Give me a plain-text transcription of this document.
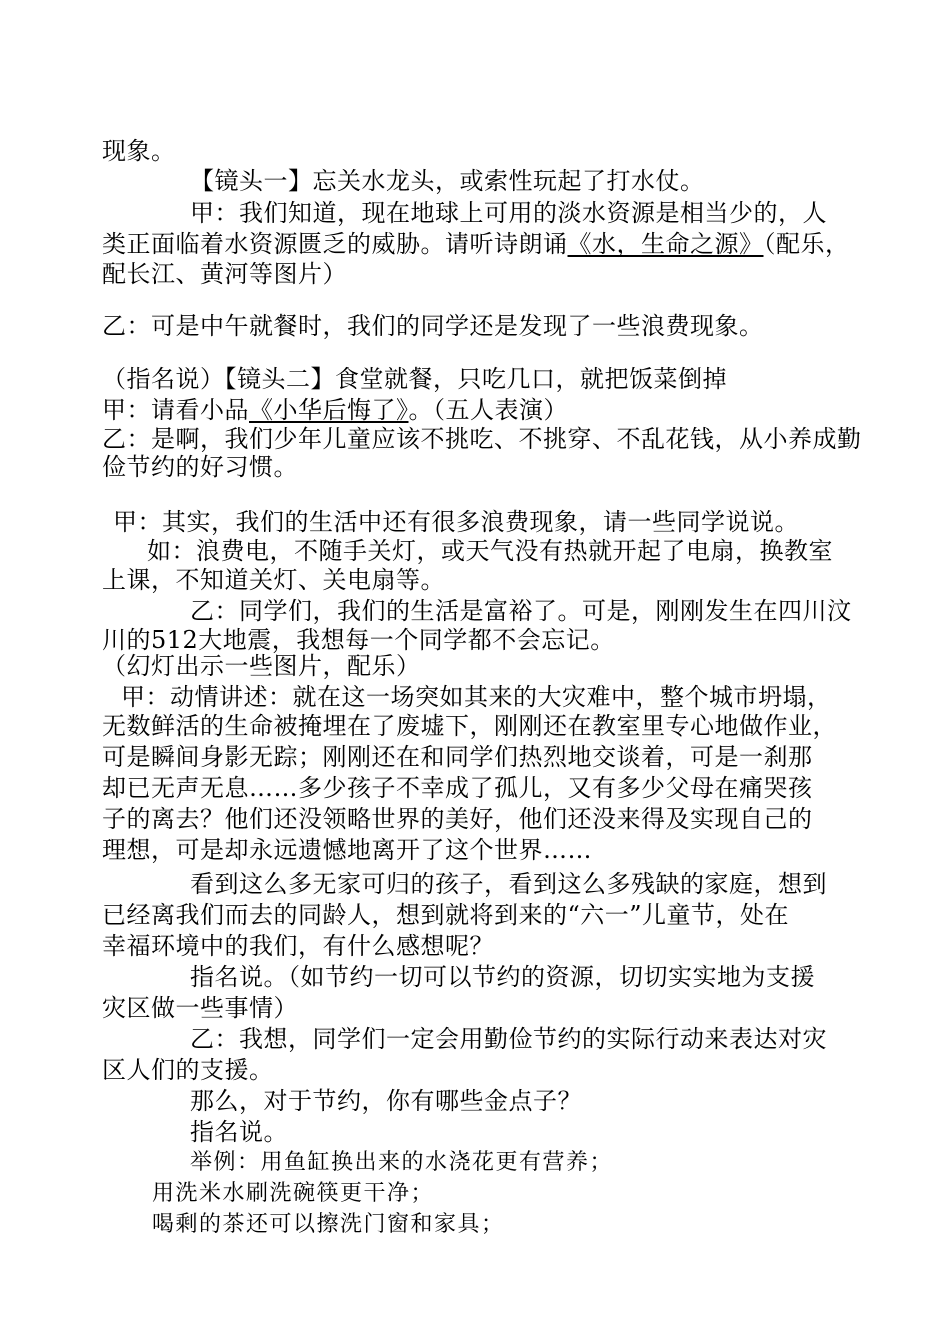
现象。
【镜头一】忘关水龙头，或索性玩起了打水仗。
甲：我们知道，现在地球上可用的淡水资源是相当少的，人
类正面临着水资源匮乏的威胁。请听诗朗诵《水，生命之源》（配乐，
配长江、黄河等图片）
乙：可是中午就餐时，我们的同学还是发现了一些浪费现象。
（指名说）【镜头二】食堂就餐，只吃几口，就把饭菜倒掉
甲：请看小品《小华后悔了》。（五人表演）
乙：是啊，我们少年儿童应该不挑吃、不挑穿、不乱花钱，从小养成勤
俭节约的好习惯。
甲：其实，我们的生活中还有很多浪费现象，请一些同学说说。
如：浪费电，不随手关灯，或天气没有热就开起了电扇，换教室
上课，不知道关灯、关电扇等。
乙：同学们，我们的生活是富裕了。可是，刚刚发生在四川汶
川的512大地震，我想每一个同学都不会忘记。
（幻灯出示一些图片，配乐）
甲：动情讲述：就在这一场突如其来的大灾难中，整个城市坍塌，
无数鲜活的生命被掩埋在了废墟下，刚刚还在教室里专心地做作业，
可是瞬间身影无踪；刚刚还在和同学们热烈地交谈着，可是一刹那
却已无声无息……多少孩子不幸成了孤儿，又有多少父母在痛哭孩
子的离去？他们还没领略世界的美好，他们还没来得及实现自己的
理想，可是却永远遗憾地离开了这个世界……
看到这么多无家可归的孩子，看到这么多残缺的家庭，想到
已经离我们而去的同龄人，想到就将到来的“六一”儿童节，处在
幸福环境中的我们，有什么感想呢？
指名说。（如节约一切可以节约的资源，切切实实地为支援
灾区做一些事情）
乙：我想，同学们一定会用勤俭节约的实际行动来表达对灾
区人们的支援。
那么，对于节约，你有哪些金点子？
指名说。
举例：用鱼缸换出来的水浇花更有营养；
用洗米水刷洗碗筷更干净；
喝剩的茶还可以擦洗门窗和家具；
